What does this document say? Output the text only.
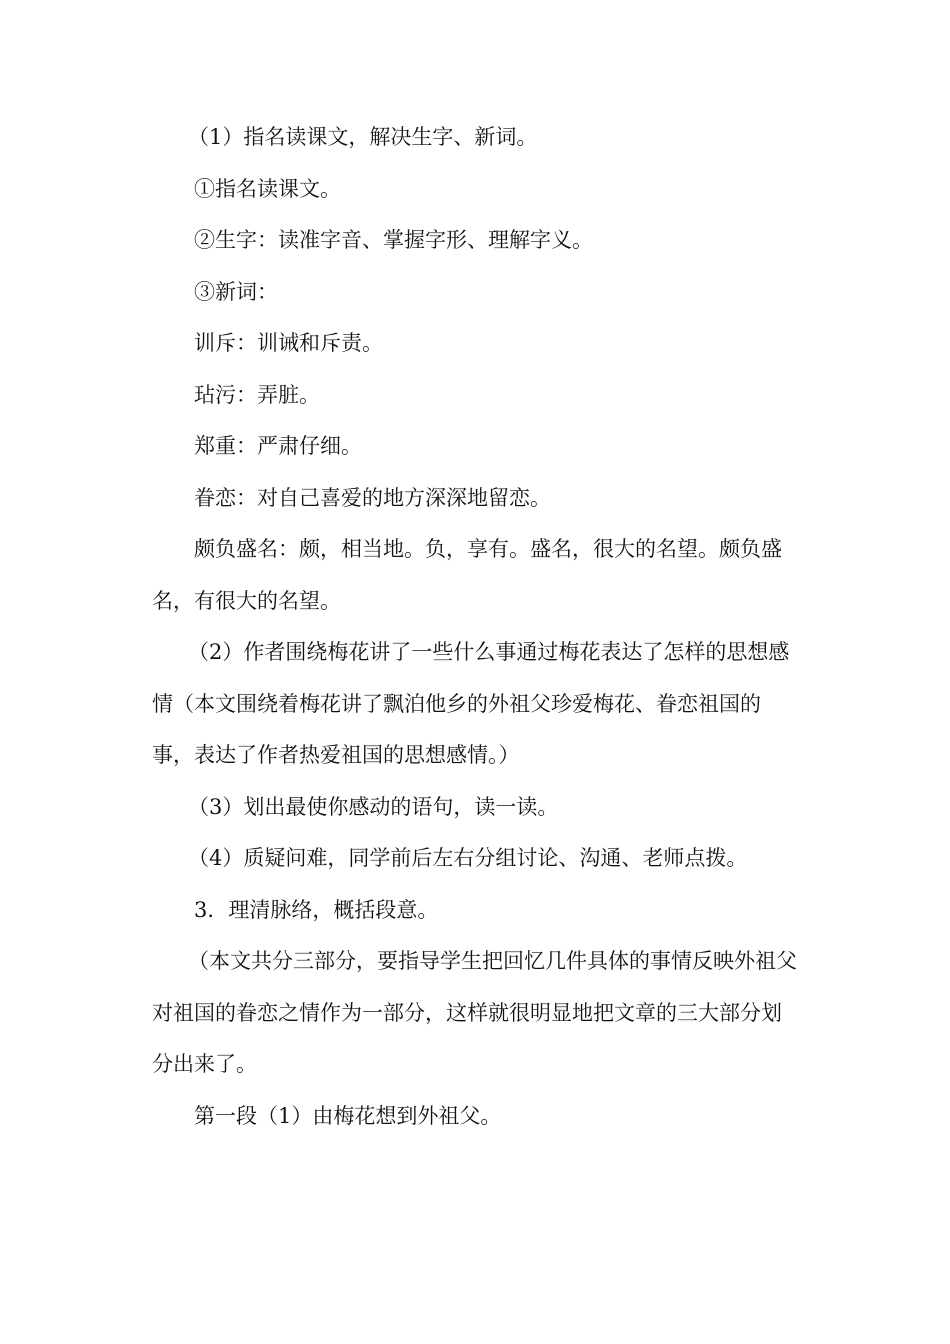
（1）指名读课文，解决生字、新词。

①指名读课文。

②生字：读准字音、掌握字形、理解字义。

③新词：

训斥：训诫和斥责。

玷污：弄脏。

郑重：严肃仔细。

眷恋：对自己喜爱的地方深深地留恋。

颇负盛名：颇，相当地。负，享有。盛名，很大的名望。颇负盛名，有很大的名望。

（2）作者围绕梅花讲了一些什么事通过梅花表达了怎样的思想感情（本文围绕着梅花讲了飘泊他乡的外祖父珍爱梅花、眷恋祖国的事，表达了作者热爱祖国的思想感情。）

（3）划出最使你感动的语句，读一读。

（4）质疑问难，同学前后左右分组讨论、沟通、老师点拨。

3．理清脉络，概括段意。

（本文共分三部分，要指导学生把回忆几件具体的事情反映外祖父对祖国的眷恋之情作为一部分，这样就很明显地把文章的三大部分划分出来了。

第一段（1）由梅花想到外祖父。
